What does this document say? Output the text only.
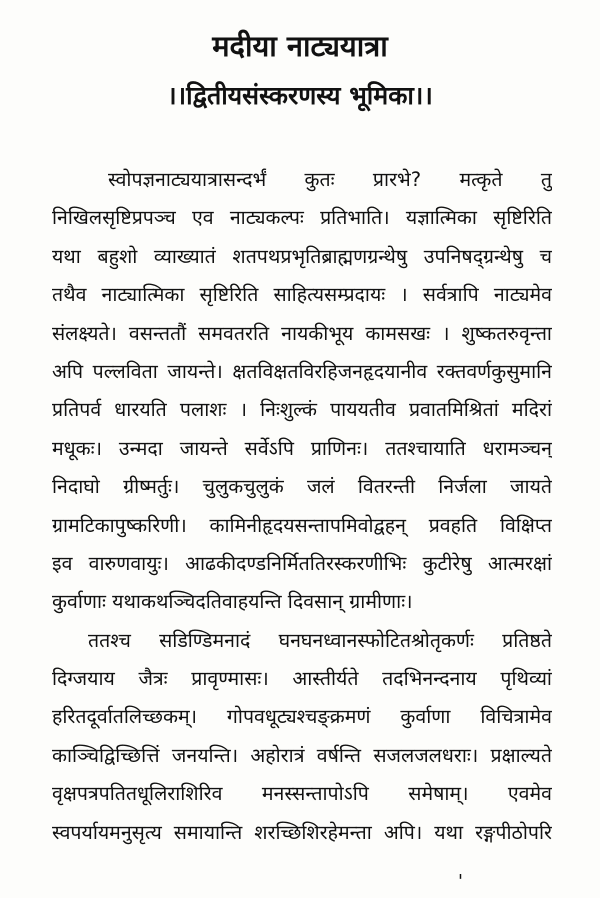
मदीया नाट्ययात्रा
।।द्वितीयसंस्करणस्य भूमिका।।
स्वोपज्ञनाट्ययात्रासन्दर्भं कुतः प्रारभे? मत्कृते तु
निखिलसृष्टिप्रपञ्च एव नाट्यकल्पः प्रतिभाति। यज्ञात्मिका सृष्टिरिति
यथा बहुशो व्याख्यातं शतपथप्रभृतिब्राह्मणग्रन्थेषु उपनिषद्ग्रन्थेषु च
तथैव नाट्यात्मिका सृष्टिरिति साहित्यसम्प्रदायः । सर्वत्रापि नाट्यमेव
संलक्ष्यते। वसन्ततौं समवतरति नायकीभूय कामसखः । शुष्कतरुवृन्ता
अपि पल्लविता जायन्ते। क्षतविक्षतविरहिजनहृदयानीव रक्तवर्णकुसुमानि
प्रतिपर्व धारयति पलाशः । निःशुल्कं पाययतीव प्रवातमिश्रितां मदिरां
मधूकः। उन्मदा जायन्ते सर्वेऽपि प्राणिनः। ततश्चायाति धरामञ्चन्
निदाघो ग्रीष्मर्तुः। चुलुकचुलुकं जलं वितरन्ती निर्जला जायते
ग्रामटिकापुष्करिणी। कामिनीहृदयसन्तापमिवोद्वहन् प्रवहति विक्षिप्त
इव वारुणवायुः। आढकीदण्डनिर्मिततिरस्करणीभिः कुटीरेषु आत्मरक्षां
कुर्वाणाः यथाकथञ्चिदतिवाहयन्ति दिवसान् ग्रामीणाः।
ततश्च सडिण्डिमनादं घनघनध्वानस्फोटितश्रोतृकर्णः प्रतिष्ठते
दिग्जयाय जैत्रः प्रावृण्मासः। आस्तीर्यते तदभिनन्दनाय पृथिव्यां
हरितदूर्वातलिच्छकम्। गोपवधूट्यश्चङ्क्रमणं कुर्वाणा विचित्रामेव
काञ्चिद्विच्छित्तिं जनयन्ति। अहोरात्रं वर्षन्ति सजलजलधराः। प्रक्षाल्यते
वृक्षपत्रपतितधूलिराशिरिव मनस्सन्तापोऽपि समेषाम्। एवमेव
स्वपर्यायमनुसृत्य समायान्ति शरच्छिशिरहेमन्ता अपि। यथा रङ्गपीठोपरि
'
